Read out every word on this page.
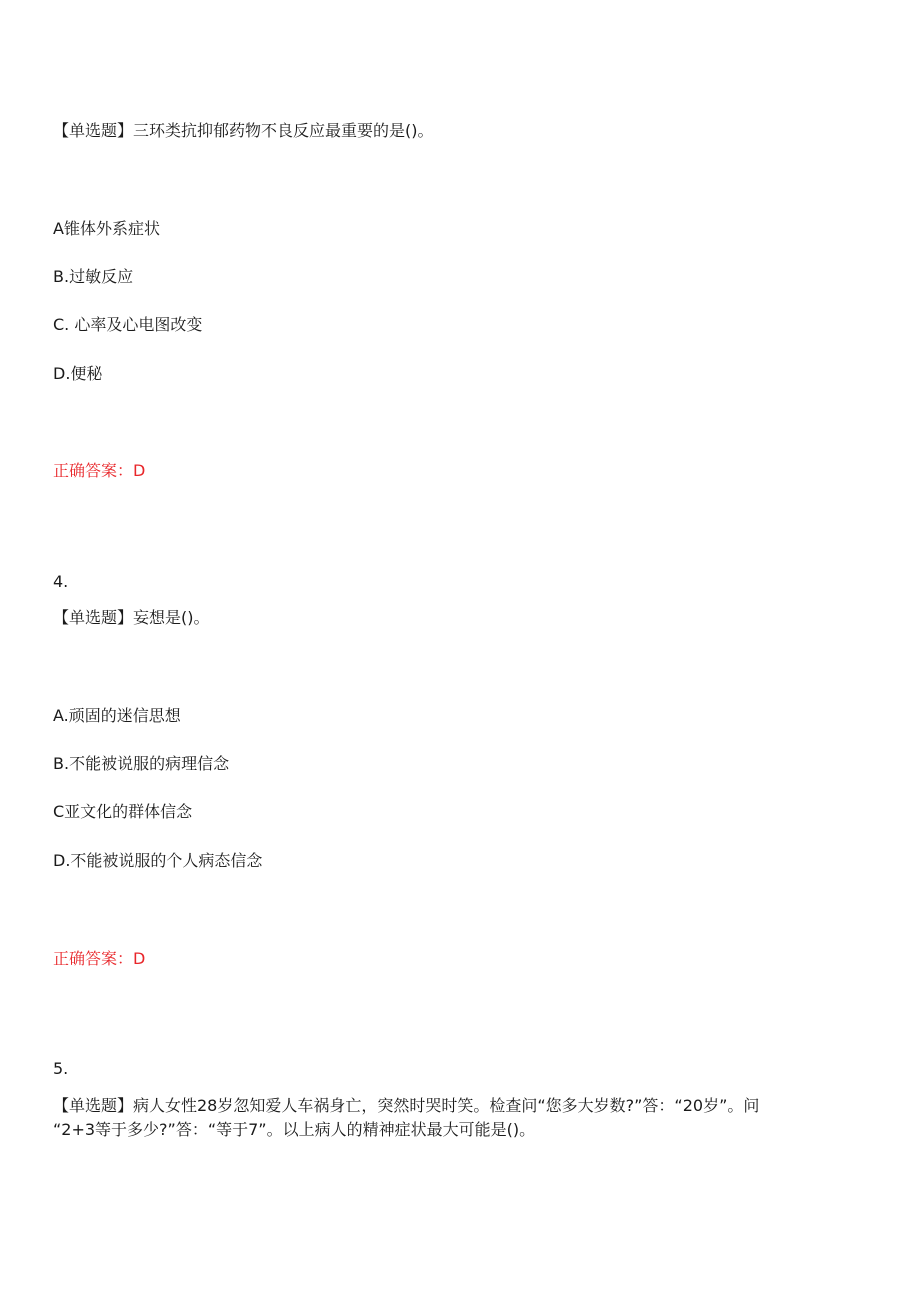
【单选题】三环类抗抑郁药物不良反应最重要的是()。
A锥体外系症状
B.过敏反应
C. 心率及心电图改变
D.便秘
正确答案：D
4.
【单选题】妄想是()。
A.顽固的迷信思想
B.不能被说服的病理信念
C亚文化的群体信念
D.不能被说服的个人病态信念
正确答案：D
5.
【单选题】病人女性28岁忽知爱人车祸身亡，突然时哭时笑。检查问“您多大岁数?”答：“20岁”。问
“2+3等于多少?”答：“等于7”。以上病人的精神症状最大可能是()。
